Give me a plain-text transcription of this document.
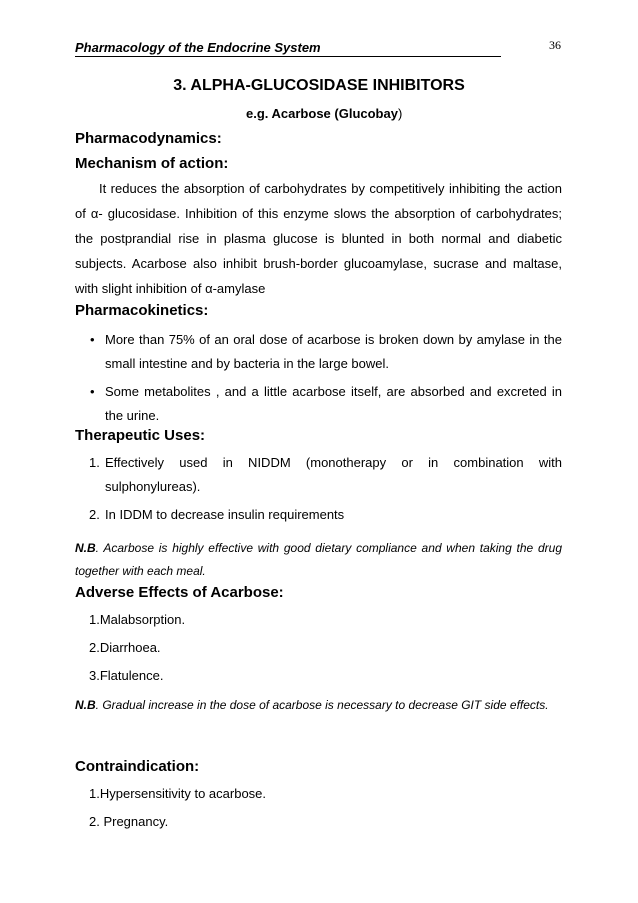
Pharmacology of the Endocrine System	36
3. ALPHA-GLUCOSIDASE INHIBITORS
e.g. Acarbose (Glucobay)
Pharmacodynamics:
Mechanism of action:

It reduces the absorption of carbohydrates by competitively inhibiting the action of α- glucosidase. Inhibition of this enzyme slows the absorption of carbohydrates; the postprandial rise in plasma glucose is blunted in both normal and diabetic subjects. Acarbose also inhibit brush-border glucoamylase, sucrase and maltase, with slight inhibition of α-amylase

Pharmacokinetics:
• More than 75% of an oral dose of acarbose is broken down by amylase in the small intestine and by bacteria in the large bowel.
• Some metabolites , and a little acarbose itself, are absorbed and excreted in the urine.
Therapeutic Uses:
1. Effectively used in NIDDM (monotherapy or in combination with sulphonylureas).
2. In IDDM to decrease insulin requirements

N.B. Acarbose is highly effective with good dietary compliance and when taking the drug together with each meal.

Adverse Effects of Acarbose:
1.Malabsorption.
2.Diarrhoea.
3.Flatulence.

N.B. Gradual increase in the dose of acarbose is necessary to decrease GIT side effects.

Contraindication:
1.Hypersensitivity to acarbose.
2. Pregnancy.
